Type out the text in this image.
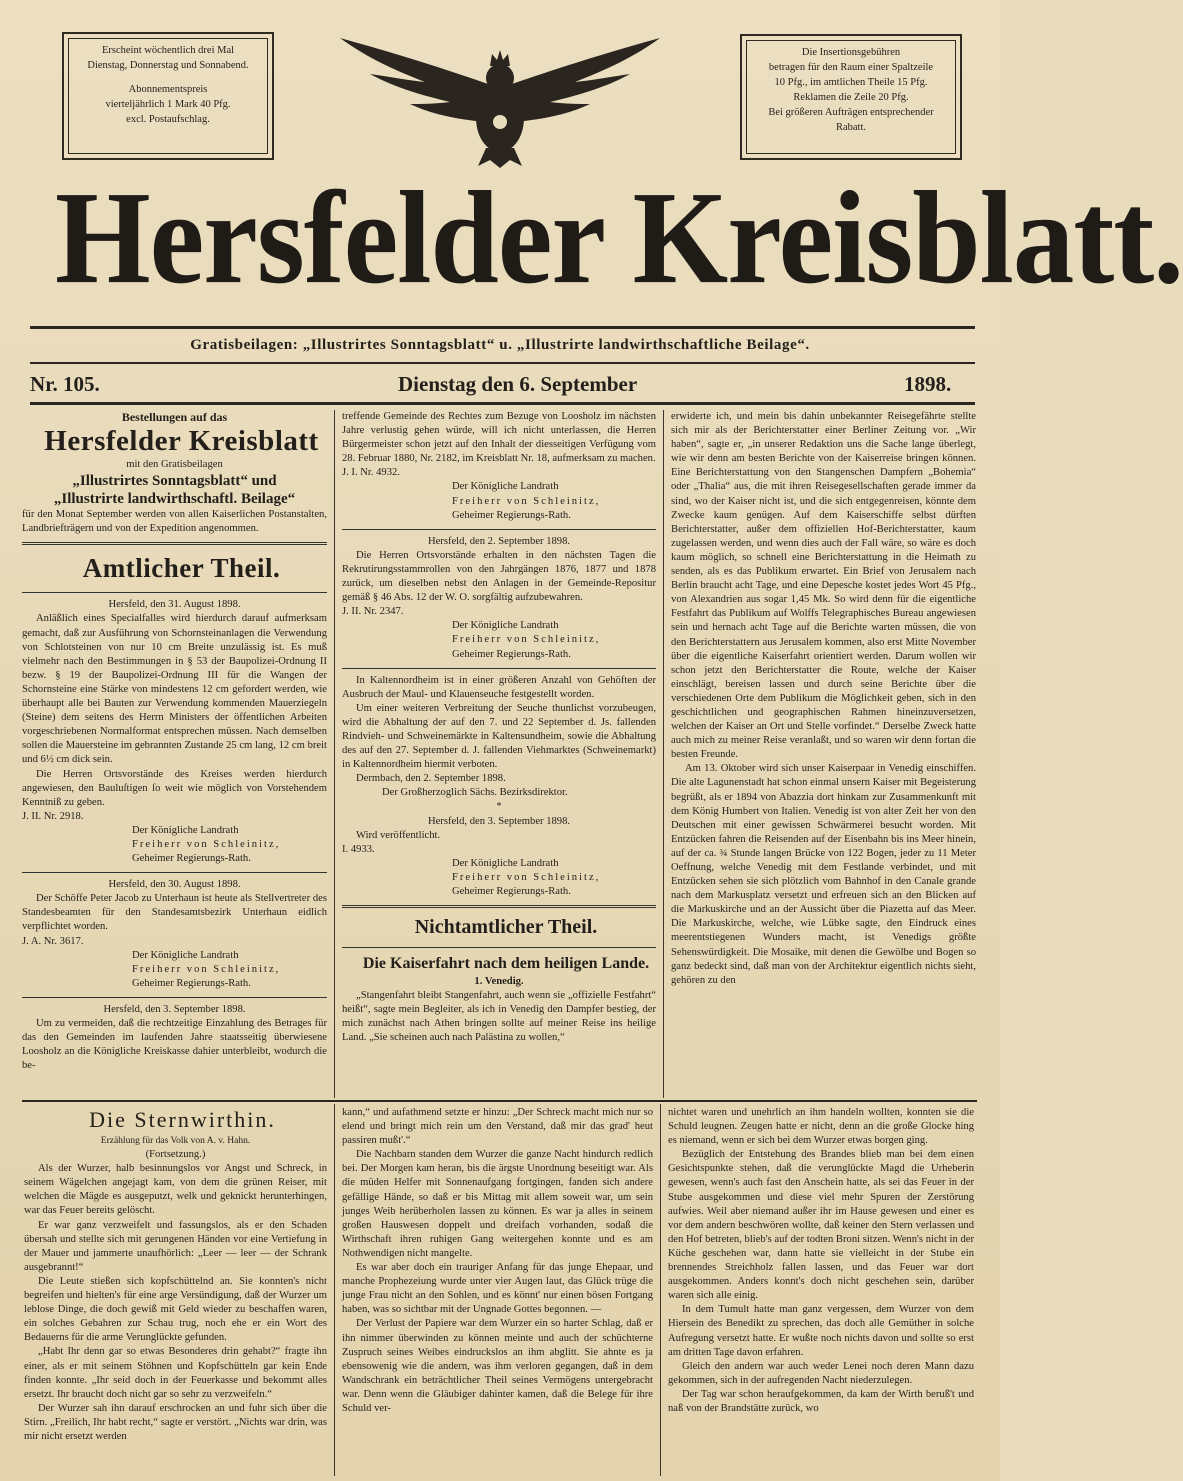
Erscheint wöchentlich drei Mal
Dienstag, Donnerstag und Sonnabend.
Abonnementspreis
vierteljährlich 1 Mark 40 Pfg.
excl. Postaufschlag.
Die Insertionsgebühren
betragen für den Raum einer Spaltzeile
10 Pfg., im amtlichen Theile 15 Pfg.
Reklamen die Zeile 20 Pfg.
Bei größeren Aufträgen entsprechender
Rabatt.
Hersfelder Kreisblatt.
Gratisbeilagen: „Illustrirtes Sonntagsblatt“ u. „Illustrirte landwirthschaftliche Beilage“.
Nr. 105.	Dienstag den 6. September	1898.

Bestellungen auf das

Hersfelder Kreisblatt

mit den Gratisbeilagen

„Illustrirtes Sonntagsblatt“ und

„Illustrirte landwirthschaftl. Beilage“

für den Monat September werden von allen Kaiserlichen Postanstalten, Landbriefträgern und von der Expedition angenommen.

Amtlicher Theil.

Hersfeld, den 31. August 1898.

Anläßlich eines Specialfalles wird hierdurch darauf aufmerksam gemacht, daß zur Ausführung von Schornsteinanlagen die Verwendung von Schlotsteinen von nur 10 cm Breite unzulässig ist. Es muß vielmehr nach den Bestimmungen in § 53 der Baupolizei-Ordnung II bezw. § 19 der Baupolizei-Ordnung III für die Wangen der Schornsteine eine Stärke von mindestens 12 cm gefordert werden, wie überhaupt alle bei Bauten zur Verwendung kommenden Mauerziegeln (Steine) dem seitens des Herrn Ministers der öffentlichen Arbeiten vorgeschriebenen Normalformat entsprechen müssen. Nach demselben sollen die Mauersteine im gebrannten Zustande 25 cm lang, 12 cm breit und 6½ cm dick sein.

Die Herren Ortsvorstände des Kreises werden hierdurch angewiesen, den Bauluſtigen ſo weit wie möglich von Vorstehendem Kenntniß zu geben.

J. II. Nr. 2918.

Der Königliche Landrath

Freiherr von Schleinitz,

Geheimer Regierungs-Rath.

Hersfeld, den 30. August 1898.

Der Schöffe Peter Jacob zu Unterhaun ist heute als Stellvertreter des Standesbeamten für den Standesamtsbezirk Unterhaun eidlich verpflichtet worden.

J. A. Nr. 3617.

Der Königliche Landrath

Freiherr von Schleinitz,

Geheimer Regierungs-Rath.

Hersfeld, den 3. September 1898.

Um zu vermeiden, daß die rechtzeitige Einzahlung des Betrages für das den Gemeinden im laufenden Jahre staatsseitig überwiesene Loosholz an die Königliche Kreiskasse dahier unterbleibt, wodurch die be-

treffende Gemeinde des Rechtes zum Bezuge von Loosholz im nächsten Jahre verlustig gehen würde, will ich nicht unterlassen, die Herren Bürgermeister schon jetzt auf den Inhalt der diesseitigen Verfügung vom 28. Februar 1880, Nr. 2182, im Kreisblatt Nr. 18, aufmerksam zu machen.

J. I. Nr. 4932.

Der Königliche Landrath

Freiherr von Schleinitz,

Geheimer Regierungs-Rath.

Hersfeld, den 2. September 1898.

Die Herren Ortsvorstände erhalten in den nächsten Tagen die Rekrutirungsstammrollen von den Jahrgängen 1876, 1877 und 1878 zurück, um dieselben nebst den Anlagen in der Gemeinde-Repositur gemäß § 46 Abs. 12 der W. O. sorgfältig aufzubewahren.

J. II. Nr. 2347.

Der Königliche Landrath

Freiherr von Schleinitz,

Geheimer Regierungs-Rath.

In Kaltennordheim ist in einer größeren Anzahl von Gehöften der Ausbruch der Maul- und Klauenseuche festgestellt worden.

Um einer weiteren Verbreitung der Seuche thunlichst vorzubeugen, wird die Abhaltung der auf den 7. und 22 September d. Js. fallenden Rindvieh- und Schweinemärkte in Kaltensundheim, sowie die Abhaltung des auf den 27. September d. J. fallenden Viehmarktes (Schweinemarkt) in Kaltennordheim hiermit verboten.

Dermbach, den 2. September 1898.

Der Großherzoglich Sächs. Bezirksdirektor.

*

Hersfeld, den 3. September 1898.

Wird veröffentlicht.

I. 4933.

Der Königliche Landrath

Freiherr von Schleinitz,

Geheimer Regierungs-Rath.

Nichtamtlicher Theil.

Die Kaiserfahrt nach dem heiligen Lande.

1. Venedig.

„Stangenfahrt bleibt Stangenfahrt, auch wenn sie „offizielle Festfahrt“ heißt“, sagte mein Begleiter, als ich in Venedig den Dampfer bestieg, der mich zunächst nach Athen bringen sollte auf meiner Reise ins heilige Land. „Sie scheinen auch nach Palästina zu wollen,“

erwiderte ich, und mein bis dahin unbekannter Reisegefährte stellte sich mir als der Berichterstatter einer Berliner Zeitung vor. „Wir haben“, sagte er, „in unserer Redaktion uns die Sache lange überlegt, wie wir denn am besten Berichte von der Kaiserreise bringen können. Eine Berichterstattung von den Stangenschen Dampfern „Bohemia“ oder „Thalia“ aus, die mit ihren Reisegesellschaften gerade immer da sind, wo der Kaiser nicht ist, und die sich entgegenreisen, könnte dem Zwecke kaum genügen. Auf dem Kaiserschiffe selbst dürften Berichterstatter, außer dem offiziellen Hof-Berichterstatter, kaum zugelassen werden, und wenn dies auch der Fall wäre, so wäre es doch kaum möglich, so schnell eine Berichterstattung in die Heimath zu senden, als es das Publikum erwartet. Ein Brief von Jerusalem nach Berlin braucht acht Tage, und eine Depesche kostet jedes Wort 45 Pfg., von Alexandrien aus sogar 1,45 Mk. So wird denn für die eigentliche Festfahrt das Publikum auf Wolffs Telegraphisches Bureau angewiesen sein und hernach acht Tage auf die Berichte warten müssen, die von den Berichterstattern aus Jerusalem kommen, also erst Mitte November über die eigentliche Kaiserfahrt orientiert werden. Darum wollen wir schon jetzt den Berichterstatter die Route, welche der Kaiser einschlägt, bereisen lassen und durch seine Berichte über die verschiedenen Orte dem Publikum die Möglichkeit geben, sich in den geschichtlichen und geographischen Rahmen hineinzuversetzen, welchen der Kaiser an Ort und Stelle vorfindet.“ Derselbe Zweck hatte auch mich zu meiner Reise veranlaßt, und so waren wir denn fortan die besten Freunde.

Am 13. Oktober wird sich unser Kaiserpaar in Venedig einschiffen. Die alte Lagunenstadt hat schon einmal unsern Kaiser mit Begeisterung begrüßt, als er 1894 von Abazzia dort hinkam zur Zusammenkunft mit dem König Humbert von Italien. Venedig ist von alter Zeit her von den Deutschen mit einer gewissen Schwärmerei besucht worden. Mit Entzücken fahren die Reisenden auf der Eisenbahn bis ins Meer hinein, auf der ca. ¾ Stunde langen Brücke von 122 Bogen, jeder zu 11 Meter Oeffnung, welche Venedig mit dem Festlande verbindet, und mit Entzücken sehen sie sich plötzlich vom Bahnhof in den Canale grande nach dem Markusplatz versetzt und erfreuen sich an den Blicken auf die Markuskirche und an der Aussicht über die Piazetta auf das Meer. Die Markuskirche, welche, wie Lübke sagte, den Eindruck eines meerentstiegenen Wunders macht, ist Venedigs größte Sehenswürdigkeit. Die Mosaike, mit denen die Gewölbe und Bogen so ganz bedeckt sind, daß man von der Architektur eigentlich nichts sieht, gehören zu den

Die Sternwirthin.

Erzählung für das Volk von A. v. Hahn.

(Fortsetzung.)

Als der Wurzer, halb besinnungslos vor Angst und Schreck, in seinem Wägelchen angejagt kam, von dem die grünen Reiser, mit welchen die Mägde es ausgeputzt, welk und geknickt herunterhingen, war das Feuer bereits gelöscht.

Er war ganz verzweifelt und fassungslos, als er den Schaden übersah und stellte sich mit gerungenen Händen vor eine Vertiefung in der Mauer und jammerte unaufhörlich: „Leer — leer — der Schrank ausgebrannt!“

Die Leute stießen sich kopfschüttelnd an. Sie konnten's nicht begreifen und hielten's für eine arge Versündigung, daß der Wurzer um leblose Dinge, die doch gewiß mit Geld wieder zu beschaffen waren, ein solches Gebahren zur Schau trug, noch ehe er ein Wort des Bedauerns für die arme Verunglückte gefunden.

„Habt Ihr denn gar so etwas Besonderes drin gehabt?“ fragte ihn einer, als er mit seinem Stöhnen und Kopfschütteln gar kein Ende finden konnte. „Ihr seid doch in der Feuerkasse und bekommt alles ersetzt. Ihr braucht doch nicht gar so sehr zu verzweifeln.“

Der Wurzer sah ihn darauf erschrocken an und fuhr sich über die Stirn. „Freilich, Ihr habt recht,“ sagte er verstört. „Nichts war drin, was mir nicht ersetzt werden

kann,“ und aufathmend setzte er hinzu: „Der Schreck macht mich nur so elend und bringt mich rein um den Verstand, daß mir das grad' heut passiren mußt'.“

Die Nachbarn standen dem Wurzer die ganze Nacht hindurch redlich bei. Der Morgen kam heran, bis die ärgste Unordnung beseitigt war. Als die müden Helfer mit Sonnenaufgang fortgingen, fanden sich andere gefällige Hände, so daß er bis Mittag mit allem soweit war, um sein junges Weib herüberholen lassen zu können. Es war ja alles in seinem großen Hauswesen doppelt und dreifach vorhanden, sodaß die Wirthschaft ihren ruhigen Gang weitergehen konnte und es am Nothwendigen nicht mangelte.

Es war aber doch ein trauriger Anfang für das junge Ehepaar, und manche Prophezeiung wurde unter vier Augen laut, das Glück trüge die junge Frau nicht an den Sohlen, und es könnt' nur einen bösen Fortgang haben, was so sichtbar mit der Ungnade Gottes begonnen. —

Der Verlust der Papiere war dem Wurzer ein so harter Schlag, daß er ihn nimmer überwinden zu können meinte und auch der schüchterne Zuspruch seines Weibes eindruckslos an ihm abglitt. Sie ahnte es ja ebensowenig wie die andern, was ihm verloren gegangen, daß in dem Wandschrank ein beträchtlicher Theil seines Vermögens untergebracht war. Denn wenn die Gläubiger dahinter kamen, daß die Belege für ihre Schuld ver-

nichtet waren und unehrlich an ihm handeln wollten, konnten sie die Schuld leugnen. Zeugen hatte er nicht, denn an die große Glocke hing es niemand, wenn er sich bei dem Wurzer etwas borgen ging.

Bezüglich der Entstehung des Brandes blieb man bei dem einen Gesichtspunkte stehen, daß die verunglückte Magd die Urheberin gewesen, wenn's auch fast den Anschein hatte, als sei das Feuer in der Stube ausgekommen und diese viel mehr Spuren der Zerstörung aufwies. Weil aber niemand außer ihr im Hause gewesen und einer es vor dem andern beschwören wollte, daß keiner den Stern verlassen und den Hof betreten, blieb's auf der todten Broni sitzen. Wenn's nicht in der Küche geschehen war, dann hatte sie vielleicht in der Stube ein brennendes Streichholz fallen lassen, und das Feuer war dort ausgekommen. Anders konnt's doch nicht geschehen sein, darüber waren sich alle einig.

In dem Tumult hatte man ganz vergessen, dem Wurzer von dem Hiersein des Benedikt zu sprechen, das doch alle Gemüther in solche Aufregung versetzt hatte. Er wußte noch nichts davon und sollte so erst am dritten Tage davon erfahren.

Gleich den andern war auch weder Lenei noch deren Mann dazu gekommen, sich in der aufregenden Nacht niederzulegen.

Der Tag war schon heraufgekommen, da kam der Wirth beruß't und naß von der Brandstätte zurück, wo
